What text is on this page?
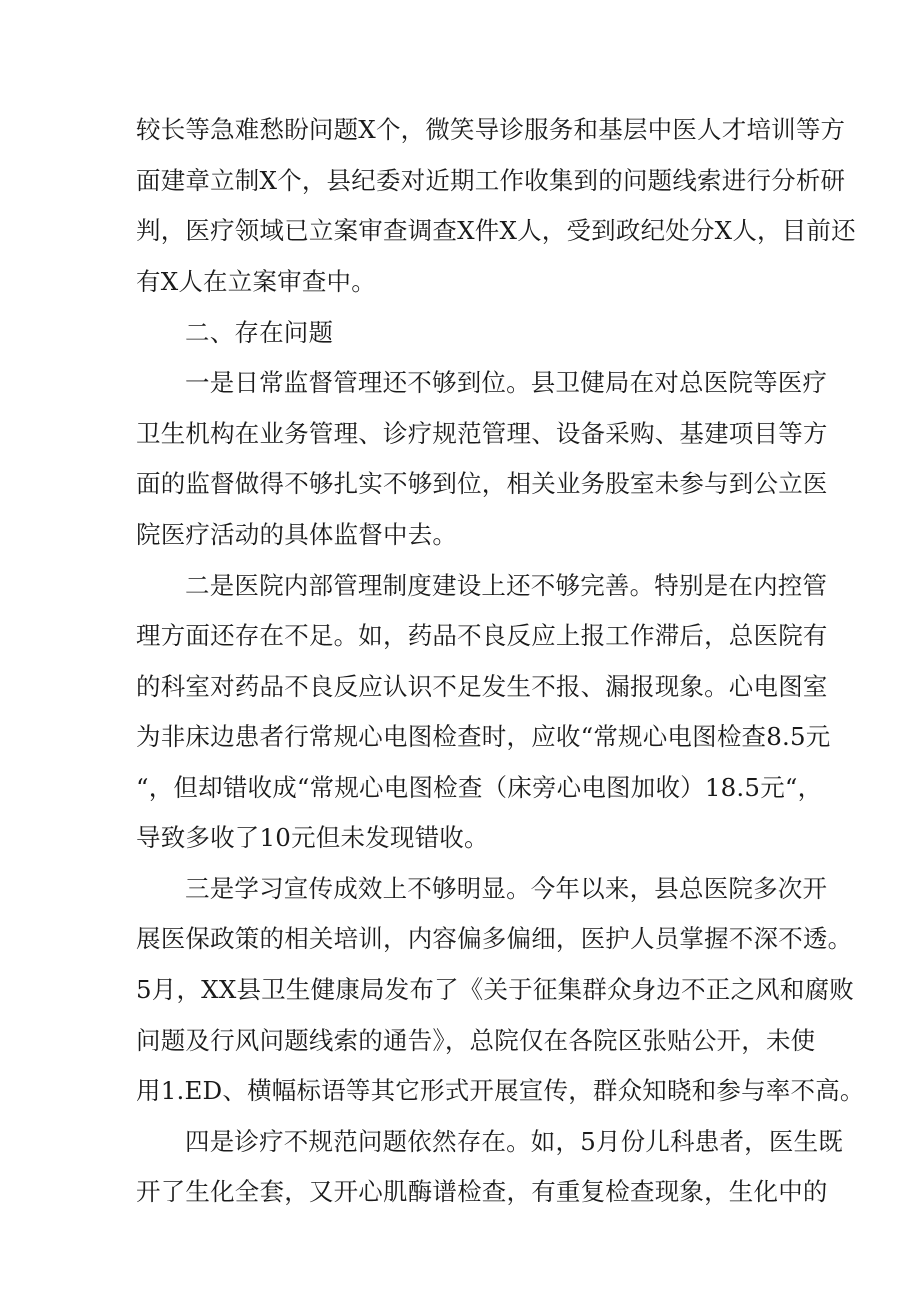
较长等急难愁盼问题X个，微笑导诊服务和基层中医人才培训等方
面建章立制X个，县纪委对近期工作收集到的问题线索进行分析研
判，医疗领域已立案审查调查X件X人，受到政纪处分X人，目前还
有X人在立案审查中。
二、存在问题
一是日常监督管理还不够到位。县卫健局在对总医院等医疗
卫生机构在业务管理、诊疗规范管理、设备采购、基建项目等方
面的监督做得不够扎实不够到位，相关业务股室未参与到公立医
院医疗活动的具体监督中去。
二是医院内部管理制度建设上还不够完善。特别是在内控管
理方面还存在不足。如，药品不良反应上报工作滞后，总医院有
的科室对药品不良反应认识不足发生不报、漏报现象。心电图室
为非床边患者行常规心电图检查时，应收“常规心电图检查8.5元
“，但却错收成“常规心电图检查（床旁心电图加收）18.5元“，
导致多收了10元但未发现错收。
三是学习宣传成效上不够明显。今年以来，县总医院多次开
展医保政策的相关培训，内容偏多偏细，医护人员掌握不深不透。
5月，XX县卫生健康局发布了《关于征集群众身边不正之风和腐败
问题及行风问题线索的通告》，总院仅在各院区张贴公开，未使
用1.ED、横幅标语等其它形式开展宣传，群众知晓和参与率不高。
四是诊疗不规范问题依然存在。如，5月份儿科患者，医生既
开了生化全套，又开心肌酶谱检查，有重复检查现象，生化中的
